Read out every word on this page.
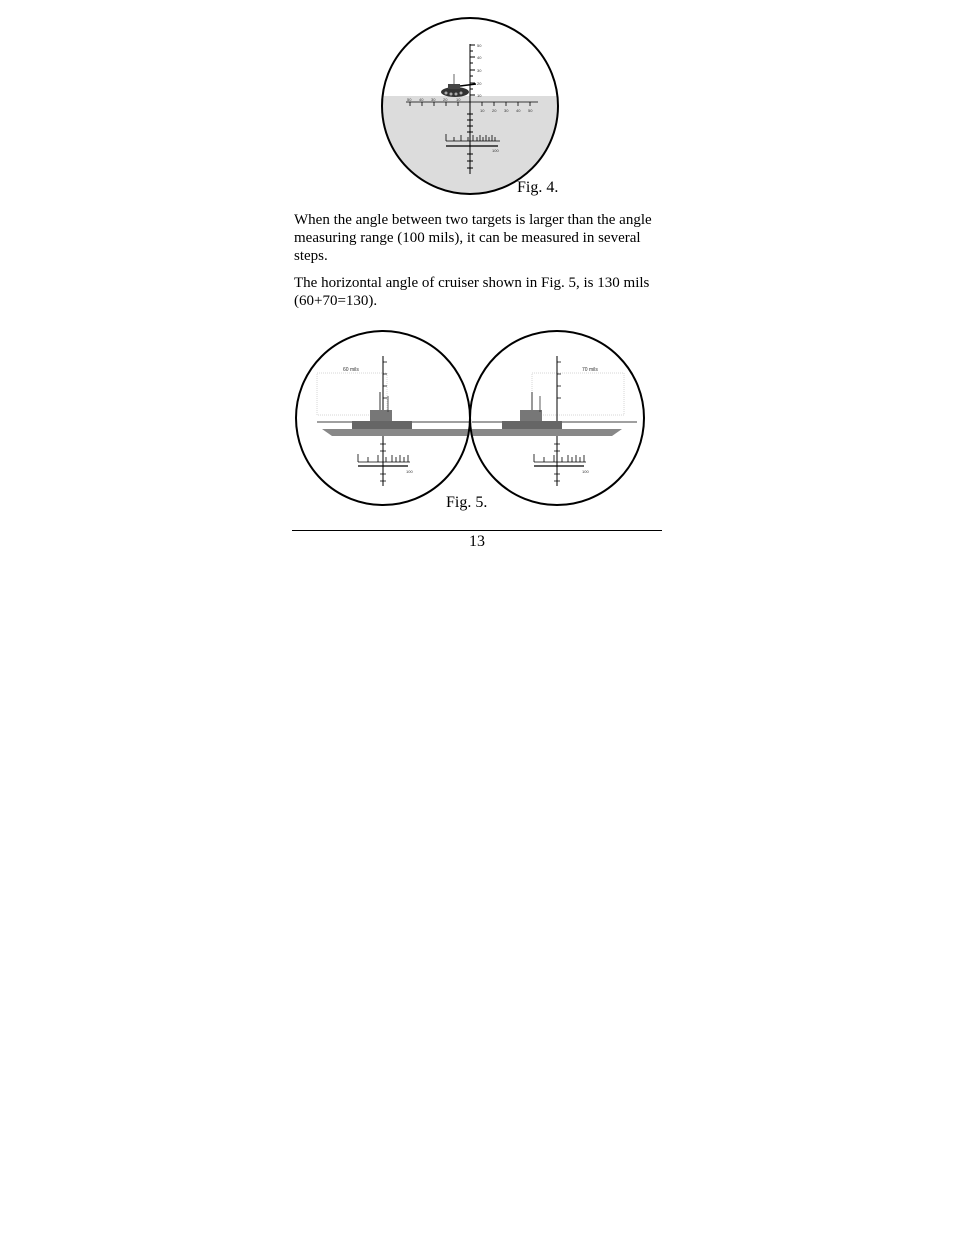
50
40
30
20
10
50 40 30 20 10
10 20 30 40 50
100
Fig. 4.

When the angle between two targets is larger than the angle measuring range (100 mils), it can be measured in several steps.

The horizontal angle of cruiser shown in Fig. 5, is 130 mils (60+70=130).

60 mils	70 mils
100	100
Fig. 5.
13
